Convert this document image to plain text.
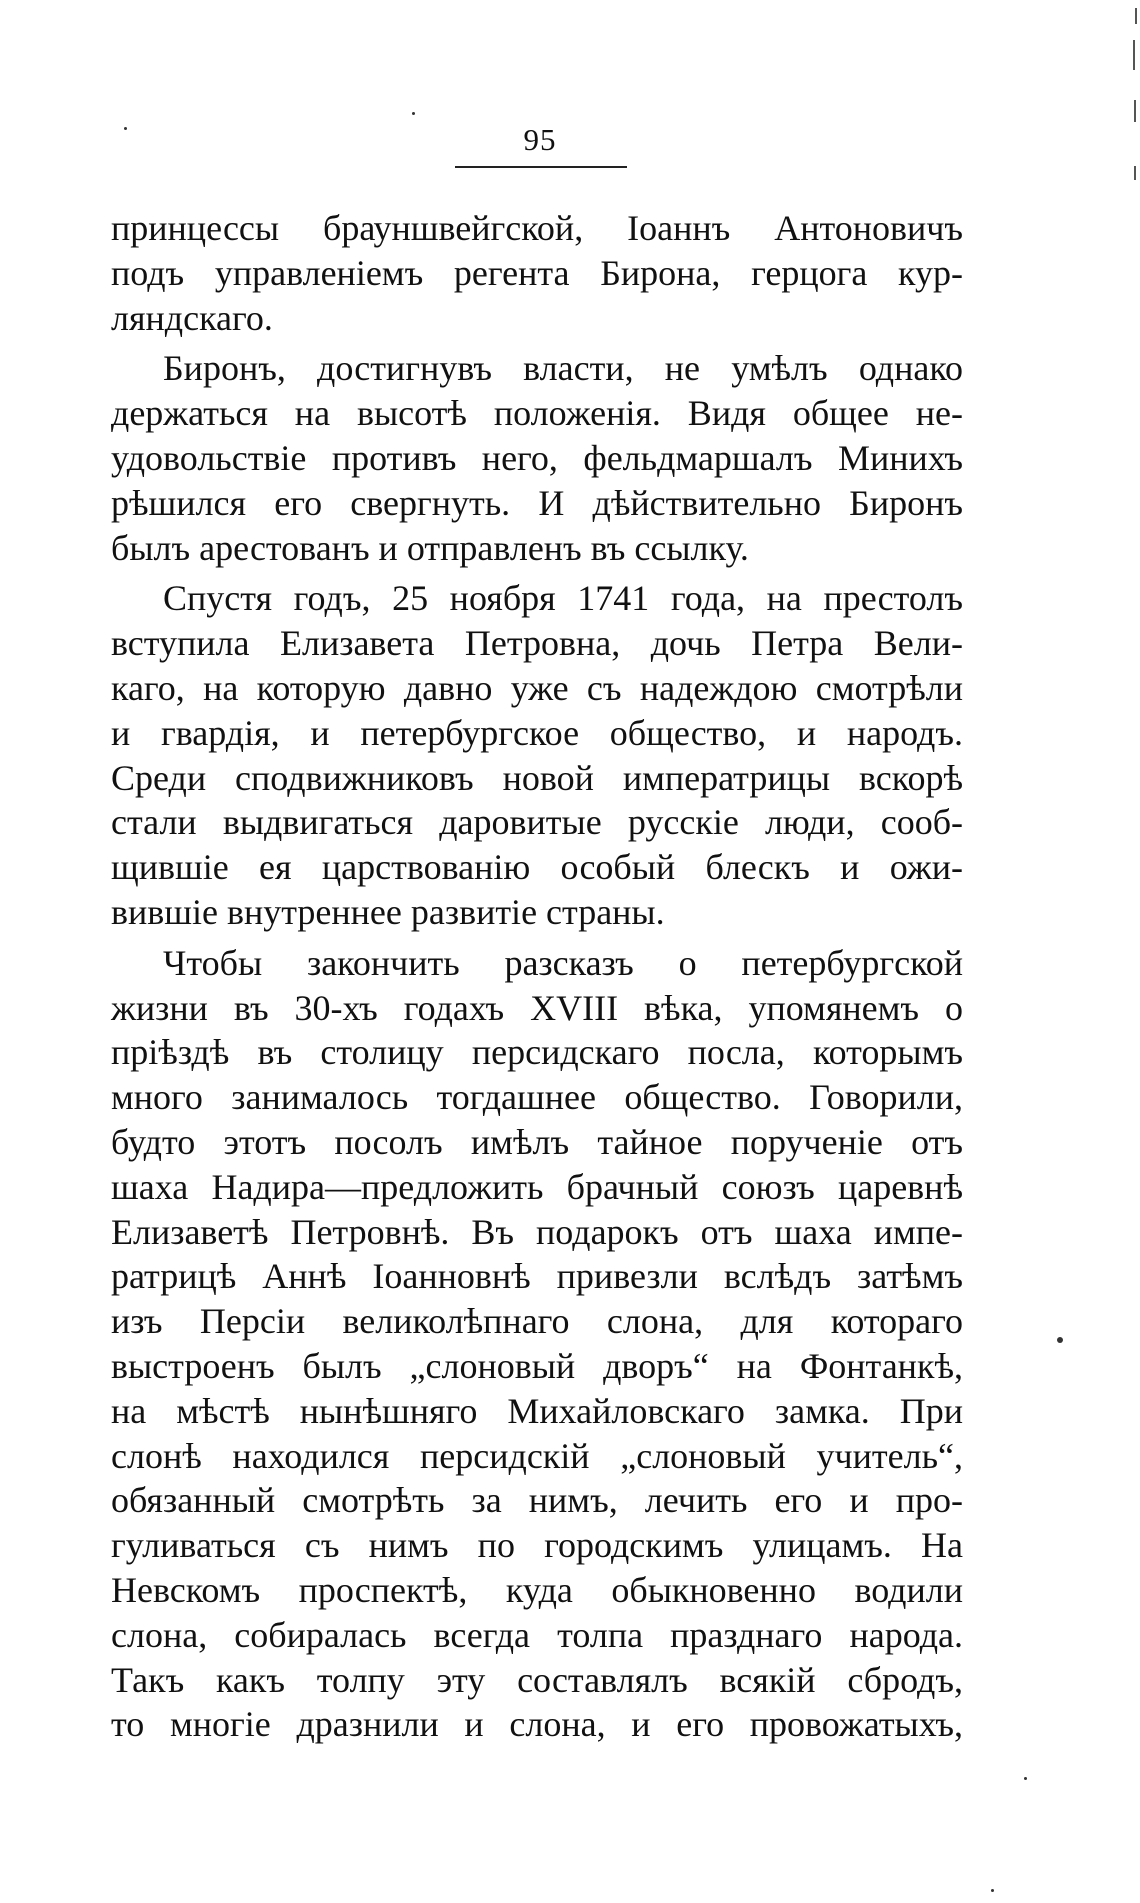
95
принцессы брауншвейгской, Іоаннъ Антоновичъ
подъ управленіемъ регента Бирона, герцога кур-
ляндскаго.
Биронъ, достигнувъ власти, не умѣлъ однако
держаться на высотѣ положенія. Видя общее не-
удовольствіе противъ него, фельдмаршалъ Минихъ
рѣшился его свергнуть. И дѣйствительно Биронъ
былъ арестованъ и отправленъ въ ссылку.
Спустя годъ, 25 ноября 1741 года, на престолъ
вступила Елизавета Петровна, дочь Петра Вели-
каго, на которую давно уже съ надеждою смотрѣли
и гвардія, и петербургское общество, и народъ.
Среди сподвижниковъ новой императрицы вскорѣ
стали выдвигаться даровитые русскіе люди, сооб-
щившіе ея царствованію особый блескъ и ожи-
вившіе внутреннее развитіе страны.
Чтобы закончить разсказъ о петербургской
жизни въ 30-хъ годахъ XVIII вѣка, упомянемъ о
пріѣздѣ въ столицу персидскаго посла, которымъ
много занималось тогдашнее общество. Говорили,
будто этотъ посолъ имѣлъ тайное порученіе отъ
шаха Надира—предложить брачный союзъ царевнѣ
Елизаветѣ Петровнѣ. Въ подарокъ отъ шаха импе-
ратрицѣ Аннѣ Іоанновнѣ привезли вслѣдъ затѣмъ
изъ Персіи великолѣпнаго слона, для котораго
выстроенъ былъ „слоновый дворъ“ на Фонтанкѣ,
на мѣстѣ нынѣшняго Михайловскаго замка. При
слонѣ находился персидскій „слоновый учитель“,
обязанный смотрѣть за нимъ, лечить его и про-
гуливаться съ нимъ по городскимъ улицамъ. На
Невскомъ проспектѣ, куда обыкновенно водили
слона, собиралась всегда толпа празднаго народа.
Такъ какъ толпу эту составлялъ всякій сбродъ,
то многіе дразнили и слона, и его провожатыхъ,
